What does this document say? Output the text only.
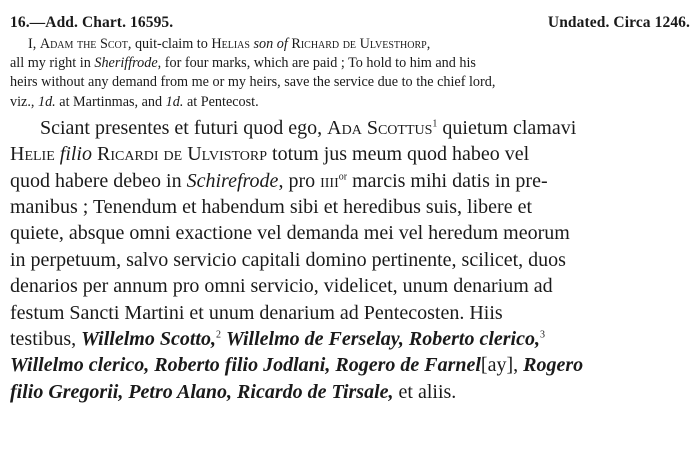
16.—Add. Chart. 16595.	Undated. Circa 1246.
I, Adam the Scot, quit-claim to Helias son of Richard de Ulvesthorp,
all my right in Sheriffrode, for four marks, which are paid ; To hold to him and his
heirs without any demand from me or my heirs, save the service due to the chief lord,
viz., 1d. at Martinmas, and 1d. at Pentecost.
Sciant presentes et futuri quod ego, Ada Scottus$^1$ quietum clamavi
Helie filio Ricardi de Ulvistorp totum jus meum quod habeo vel
quod habere debeo in Schirefrode, pro iiii$^{or}$ marcis mihi datis in pre-
manibus ; Tenendum et habendum sibi et heredibus suis, libere et
quiete, absque omni exactione vel demanda mei vel heredum meorum
in perpetuum, salvo servicio capitali domino pertinente, scilicet, duos
denarios per annum pro omni servicio, videlicet, unum denarium ad
festum Sancti Martini et unum denarium ad Pentecosten. Hiis
testibus, Willelmo Scotto,$^2$ Willelmo de Ferselay, Roberto clerico,$^3$
Willelmo clerico, Roberto filio Jodlani, Rogero de Farnel[ay], Rogero
filio Gregorii, Petro Alano, Ricardo de Tirsale, et aliis.
